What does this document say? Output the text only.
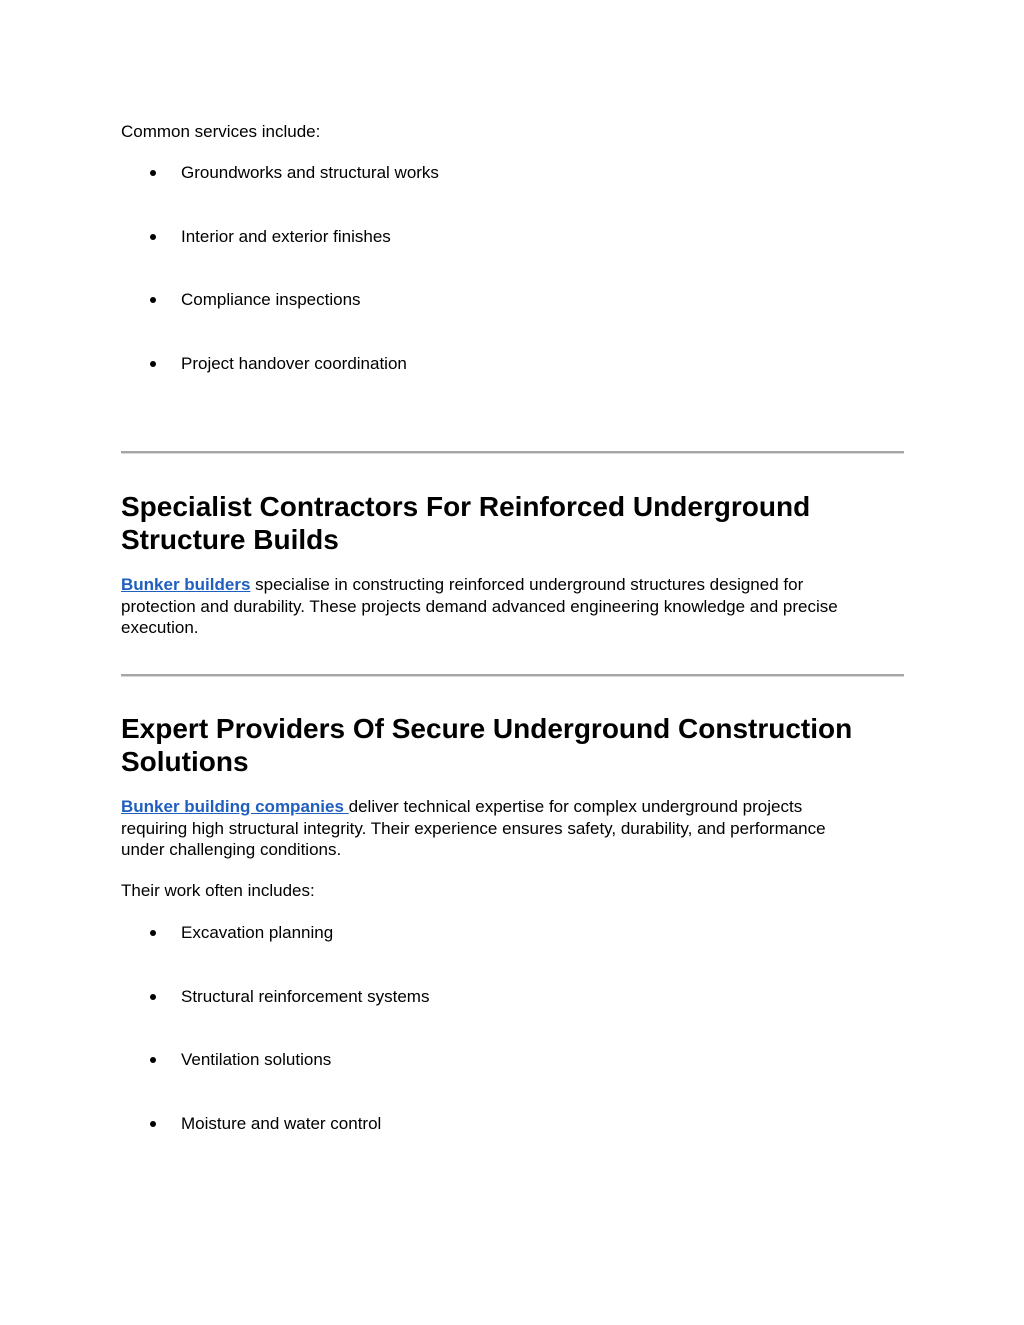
Common services include:

Groundworks and structural works
Interior and exterior finishes
Compliance inspections
Project handover coordination
Specialist Contractors For Reinforced Underground
Structure Builds

Bunker builders specialise in constructing reinforced underground structures designed for
protection and durability. These projects demand advanced engineering knowledge and precise
execution.

Expert Providers Of Secure Underground Construction
Solutions

Bunker building companies deliver technical expertise for complex underground projects
requiring high structural integrity. Their experience ensures safety, durability, and performance
under challenging conditions.

Their work often includes:

Excavation planning
Structural reinforcement systems
Ventilation solutions
Moisture and water control
